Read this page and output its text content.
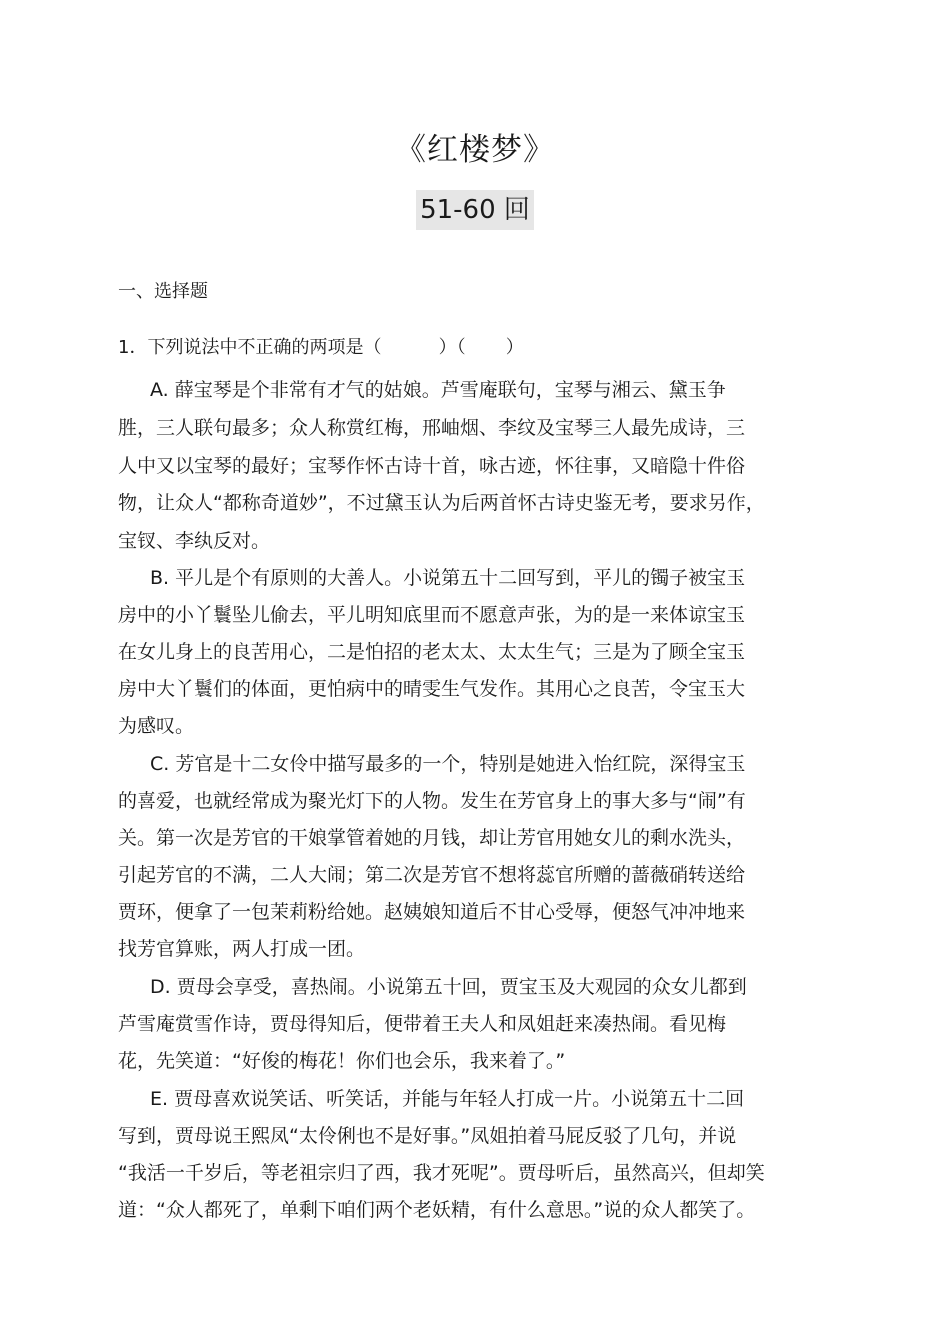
《红楼梦》
51-60 回
一、选择题
1．下列说法中不正确的两项是（          ）（       ）
A. 薛宝琴是个非常有才气的姑娘。芦雪庵联句，宝琴与湘云、黛玉争
胜，三人联句最多；众人称赏红梅，邢岫烟、李纹及宝琴三人最先成诗，三
人中又以宝琴的最好；宝琴作怀古诗十首，咏古迹，怀往事，又暗隐十件俗
物，让众人“都称奇道妙”，不过黛玉认为后两首怀古诗史鉴无考，要求另作，
宝钗、李纨反对。
B. 平儿是个有原则的大善人。小说第五十二回写到，平儿的镯子被宝玉
房中的小丫鬟坠儿偷去，平儿明知底里而不愿意声张，为的是一来体谅宝玉
在女儿身上的良苦用心，二是怕招的老太太、太太生气；三是为了顾全宝玉
房中大丫鬟们的体面，更怕病中的晴雯生气发作。其用心之良苦，令宝玉大
为感叹。
C. 芳官是十二女伶中描写最多的一个，特别是她进入怡红院，深得宝玉
的喜爱，也就经常成为聚光灯下的人物。发生在芳官身上的事大多与“闹”有
关。第一次是芳官的干娘掌管着她的月钱，却让芳官用她女儿的剩水洗头，
引起芳官的不满，二人大闹；第二次是芳官不想将蕊官所赠的蔷薇硝转送给
贾环，便拿了一包茉莉粉给她。赵姨娘知道后不甘心受辱，便怒气冲冲地来
找芳官算账，两人打成一团。
D. 贾母会享受，喜热闹。小说第五十回，贾宝玉及大观园的众女儿都到
芦雪庵赏雪作诗，贾母得知后，便带着王夫人和凤姐赶来凑热闹。看见梅
花，先笑道：“好俊的梅花！你们也会乐，我来着了。”
E. 贾母喜欢说笑话、听笑话，并能与年轻人打成一片。小说第五十二回
写到，贾母说王熙凤“太伶俐也不是好事。”凤姐拍着马屁反驳了几句，并说
“我活一千岁后，等老祖宗归了西，我才死呢”。贾母听后，虽然高兴，但却笑
道：“众人都死了，单剩下咱们两个老妖精，有什么意思。”说的众人都笑了。
